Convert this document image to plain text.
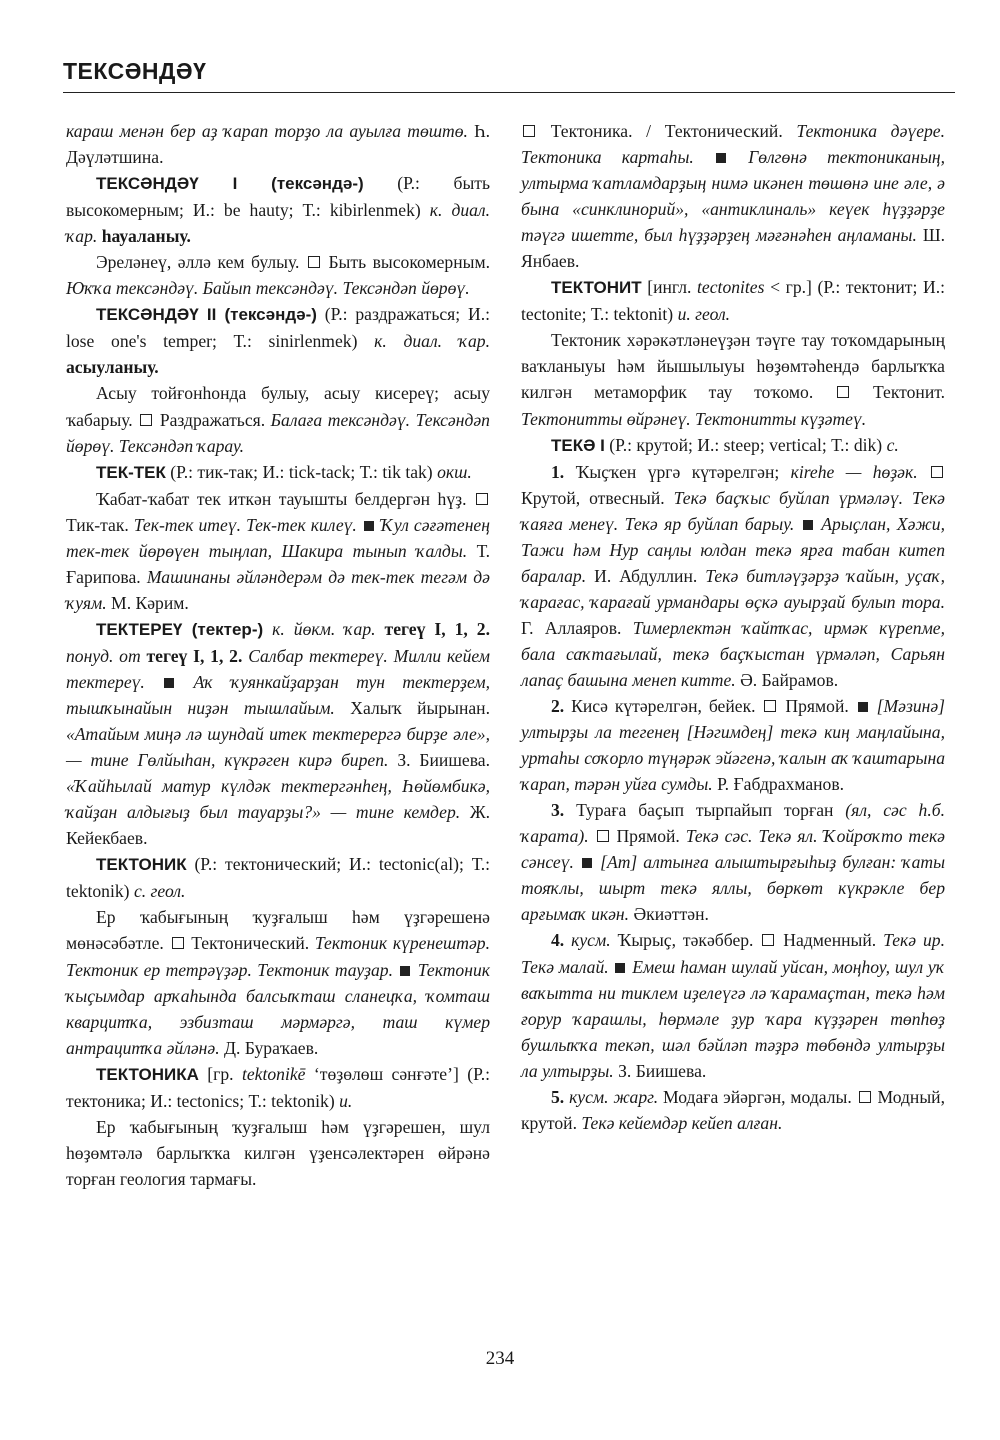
ТЕКСӘНДӘҮ

караш менән бер аҙ ҡарап торҙо ла ауылға төштө. Һ. Дәүләтшина.

ТЕКСӘНДӘҮ I (тексәндә-) (Р.: быть высокомерным; И.: be hauty; Т.: kibirlenmek) к. диал. ҡар. һауаланыу.

Эреләнеү, әллә кем булыу. Быть высокомерным. Юҡҡа тексәндәү. Байып тексәндәү. Тексәндәп йөрөү.

ТЕКСӘНДӘҮ II (тексәндә-) (Р.: раздражаться; И.: lose one's temper; Т.: sinirlenmek) к. диал. ҡар. асыуланыу.

Асыу тойғонһонда булыу, асыу кисереү; асыу ҡабарыу. Раздражаться. Балаға тексәндәү. Тексәндәп йөрөү. Тексәндәп ҡарау.

ТЕК-ТЕК (Р.: тик-так; И.: tick-tack; Т.: tik tak) окш.

Ҡабат-ҡабат тек иткән тауышты белдергән һүҙ.  Тик-так. Тек-тек итеү. Тек-тек килеү. Ҡул сәғәтенең тек-тек йөрөүен тыңлап, Шакира тынып ҡалды. Т. Ғарипова. Машинаны әйләндерәм дә тек-тек тегәм дә ҡуям. М. Кәрим.

ТЕКТЕРЕҮ (тектер-) к. йөкм. ҡар. тегеү I, 1, 2. понуд. от тегеү I, 1, 2. Салбар тектереү. Милли кейем тектереү.	Аҡ ҡуянкайҙарҙан тун тектерҙем, тышҡынайын ниҙән тышлайым. Халыҡ йырынан. «Атайым миңә лә шундай итек тектерергә бирҙе әле», — тине Гөлйыһан, күкрәген кирә биреп. З. Биишева. «Ҡайһылай матур күлдәк тектергәнһең, Һөйөмбикә, ҡайҙан алдығыҙ был тауарҙы?» — тине кемдер. Ж. Кейекбаев.

ТЕКТОНИК (Р.: тектонический; И.: tectonic(al); Т.: tektonik) с. геол.

Ер ҡабығының ҡуҙғалыш һәм үҙгәрешенә мөнәсәбәтле. Тектонический. Тектоник күренештәр. Тектоник ер тетрәүҙәр. Тектоник тауҙар. Тектоник ҡыҫымдар арҡаһында балсыҡташ сланецҡа, ҡомташ кварцитҡа, эзбизташ мәрмәргә, таш күмер антрацитҡа әйләнә. Д. Бураҡаев.

ТЕКТОНИКА [гр. tektonikē ‘төҙөлөш сәнғәте’] (Р.: тектоника; И.: tectonics; Т.: tektonik) и.

Ер ҡабығының ҡуҙғалыш һәм үҙгәрешен, шул һөҙөмтәлә барлыҡҡа килгән үҙенсәлектәрен өйрәнә торған геология тармағы.

Тектоника. / Тектонический. Тектоника дәүере. Тектоника картаһы.	Гөлгөнә тектониканың, ултырма ҡатламдарҙың нимә икәнен төшөнә ине әле, ә бына «синклинорий», «антиклиналь» кеүек һүҙҙәрҙе тәүгә ишетте, был һүҙҙәрҙең мәғәнәһен аңламаны. Ш. Янбаев.

ТЕКТОНИТ [ингл. tectonites < гр.] (Р.: тектонит; И.: tectonite; Т.: tektonit) и. геол.

Тектоник хәрәкәтләнеүҙән тәүге тау тоҡомдарының ваҡланыуы һәм йышылыуы һөҙөмтәһендә барлыҡҡа килгән метаморфик тау тоҡомо.	Тектонит. Тектонитты өйрәнеү. Тектонитты күҙәтеү.

ТЕКӘ I (Р.: крутой; И.: steep; vertical; Т.: dik) с.

1. Ҡыҫҡен үргә күтәрелгән; кireһе — һөҙәк.  Крутой, отвесный. Текә баҫҡыс буйлап үрмәләү. Текә ҡаяға менеү. Текә яр буйлап барыу. Арыҫлан, Хәжи, Тажи һәм Нур саңлы юлдан текә ярға табан китеп баралар. И. Абдуллин. Текә битләүҙәрҙә ҡайын, уҫаҡ, ҡарағас, ҡарағай урмандары өҫкә ауырҙай булып тора. Г. Аллаяров. Тимерлектән ҡайтҡас, ирмәк күрепме, бала саҡтағылай, текә баҫҡыстан үрмәләп, Сарьян лапаҫ башына менеп китте. Ә. Байрамов.

2. Кисә күтәрелгән, бейек. Прямой. [Мәзинә] ултырҙы ла тегенең [Нәгимдең] текә киң маңлайына, уртаһы соҡорло түңәрәк эйәгенә, ҡалын аҡ ҡаштарына ҡарап, тәрән уйға сумды. Р. Ғабдрахманов.

3. Тураға баҫып тырпайып торған (ял, сәс һ.б. ҡарата). Прямой. Текә сәс. Текә ял. Ҡойроҡто текә сәнсеү. [Ат] алтынға алыштырғыһыҙ булған: ҡаты тояҡлы, шырт текә яллы, бөркөт күкрәкле бер арғымаҡ икән. Әкиәттән.

4. кусм. Ҡырыҫ, тәкәббер. Надменный. Текә ир. Текә малай. Емеш һаман шулай уйсан, моңһоу, шул уҡ ваҡытта ни тиклем иҙелеүгә лә ҡарамаҫтан, текә һәм ғорур ҡарашлы, һөрмәле ҙур ҡара күҙҙәрен төпһөҙ бушлыҡҡа текәп, шәл бәйләп тәҙрә төбөндә ултырҙы ла ултырҙы. З. Биишева.

5. кусм. жарг. Модаға эйәргән, модалы. Модный, крутой. Текә кейемдәр кейеп алған.

234
